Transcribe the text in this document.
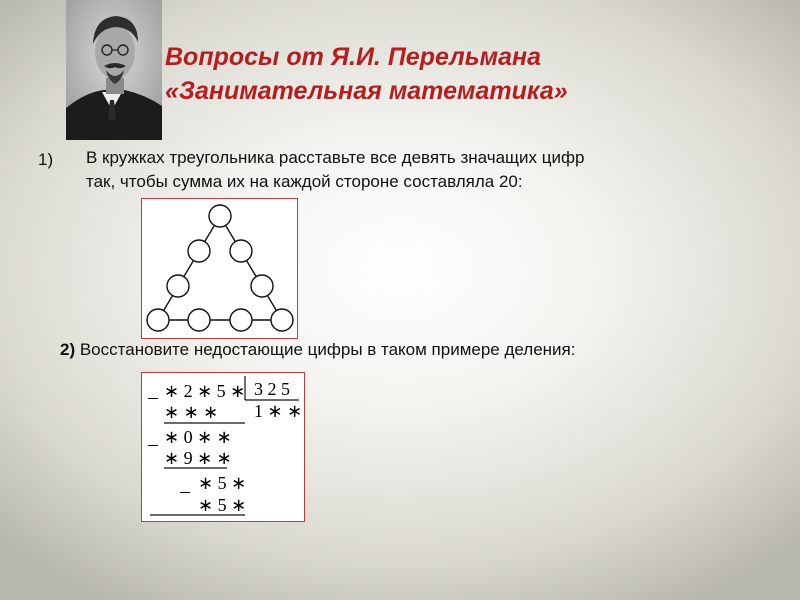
Вопросы от Я.И. Перельмана
«Занимательная математика»
1) В кружках треугольника расставьте все девять значащих цифр
так, чтобы сумма их на каждой стороне составляла 20:
2) Восстановите недостающие цифры в таком примере деления:
– ∗ 2 ∗ 5 ∗ 3 2 5
1 ∗ ∗
∗ ∗ ∗
– ∗ 0 ∗ ∗
∗ 9 ∗ ∗
– ∗ 5 ∗
∗ 5 ∗
